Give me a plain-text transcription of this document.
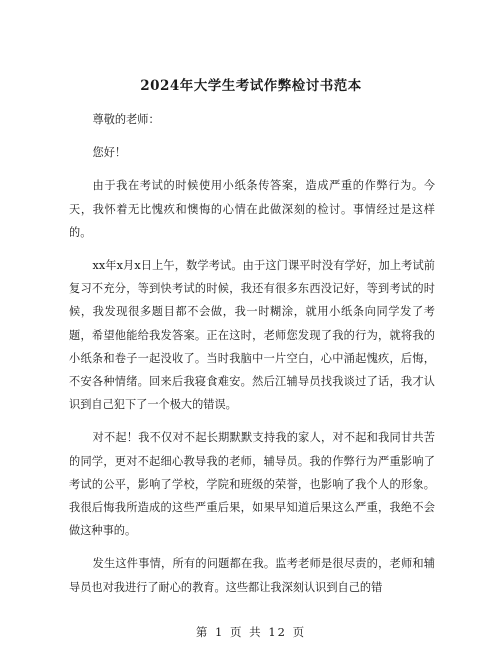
2024年大学生考试作弊检讨书范本

尊敬的老师：

您好！

由于我在考试的时候使用小纸条传答案，造成严重的作弊行为。今天，我怀着无比愧疚和懊悔的心情在此做深刻的检讨。事情经过是这样的。

xx年x月x日上午，数学考试。由于这门课平时没有学好，加上考试前复习不充分，等到快考试的时候，我还有很多东西没记好，等到考试的时候，我发现很多题目都不会做，我一时糊涂，就用小纸条向同学发了考题，希望他能给我发答案。正在这时，老师您发现了我的行为，就将我的小纸条和卷子一起没收了。当时我脑中一片空白，心中涌起愧疚，后悔，不安各种情绪。回来后我寝食难安。然后江辅导员找我谈过了话，我才认识到自己犯下了一个极大的错误。

对不起！我不仅对不起长期默默支持我的家人，对不起和我同甘共苦的同学，更对不起细心教导我的老师，辅导员。我的作弊行为严重影响了考试的公平，影响了学校，学院和班级的荣誉，也影响了我个人的形象。我很后悔我所造成的这些严重后果，如果早知道后果这么严重，我绝不会做这种事的。

发生这件事情，所有的问题都在我。监考老师是很尽责的，老师和辅导员也对我进行了耐心的教育。这些都让我深刻认识到自己的错

第 1 页 共 12 页
